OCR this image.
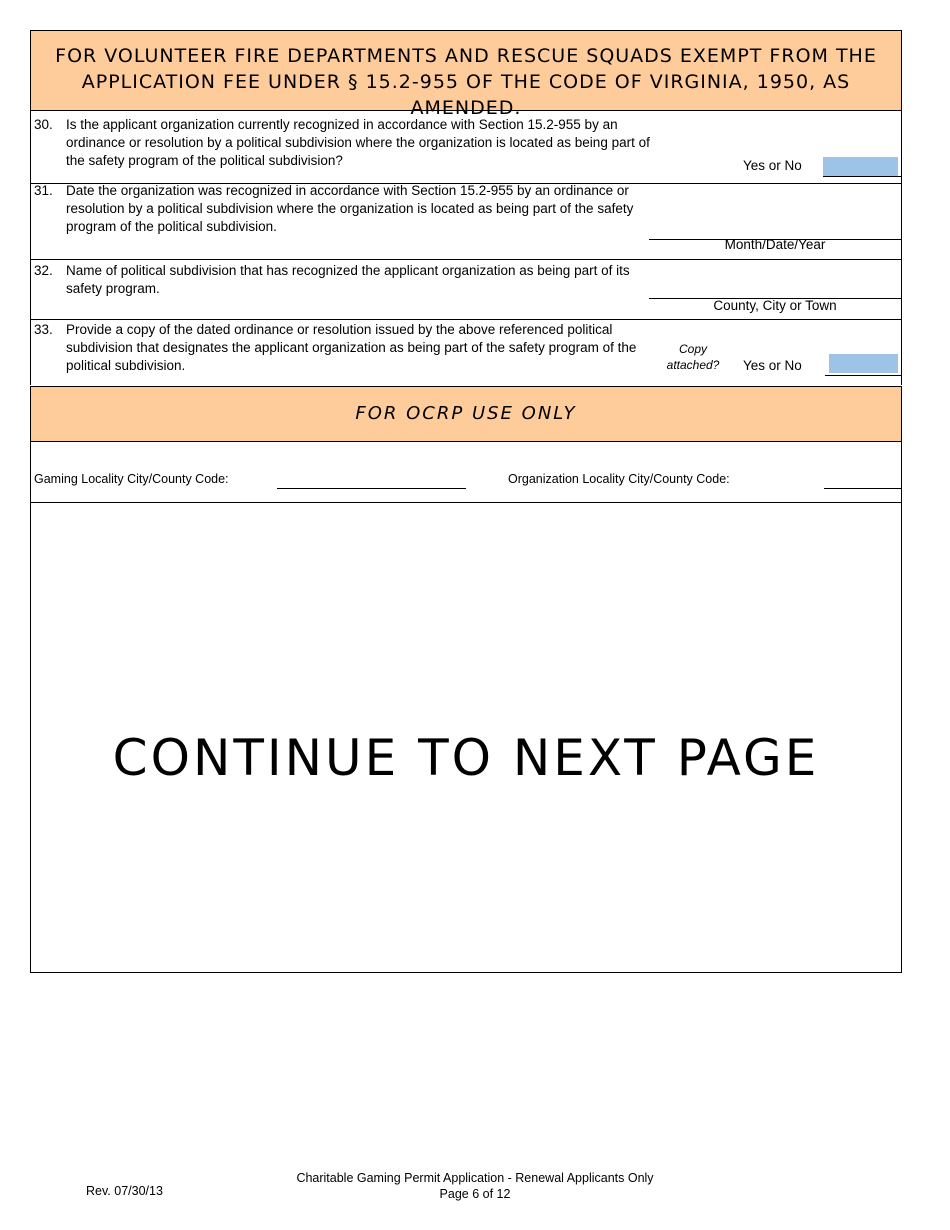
FOR VOLUNTEER FIRE DEPARTMENTS AND RESCUE SQUADS EXEMPT FROM THE
APPLICATION FEE UNDER § 15.2-955 OF THE CODE OF VIRGINIA, 1950, AS AMENDED.
30. Is the applicant organization currently recognized in accordance with Section 15.2-955 by an ordinance or resolution by a political subdivision where the organization is located as being part of the safety program of the political subdivision?	Yes or No
31. Date the organization was recognized in accordance with Section 15.2-955 by an ordinance or resolution by a political subdivision where the organization is located as being part of the safety program of the political subdivision.
Month/Date/Year
32. Name of political subdivision that has recognized the applicant organization as being part of its safety program.
County, City or Town
33. Provide a copy of the dated ordinance or resolution issued by the above referenced political subdivision that designates the applicant organization as being part of the safety program of the political subdivision.
Copy
attached?	Yes or No
FOR OCRP USE ONLY
Gaming Locality City/County Code:	Organization Locality City/County Code:
CONTINUE TO NEXT PAGE
Rev. 07/30/13
Charitable Gaming Permit Application - Renewal Applicants Only
Page 6 of 12
